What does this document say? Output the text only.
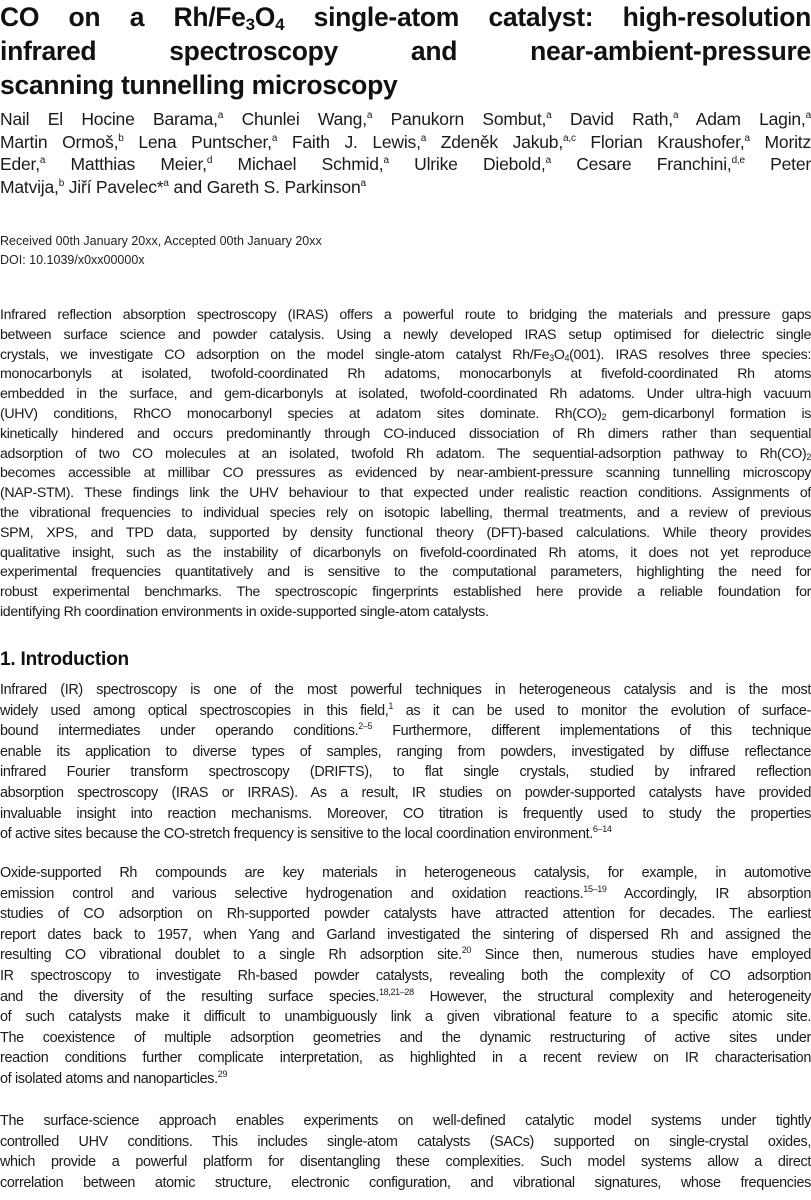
CO on a $Rh/Fe_3O_4$ single-atom catalyst: high-resolution
infrared spectroscopy and near-ambient-pressure
scanning tunnelling microscopy
Nail El Hocine Barama,$^a$ Chunlei Wang,$^a$ Panukorn Sombut,$^a$ David Rath,$^a$ Adam Lagin,$^a$
Martin Ormoš,$^b$ Lena Puntscher,$^a$ Faith J. Lewis,$^a$ Zdeněk Jakub,$^{a,c}$ Florian Kraushofer,$^a$ Moritz
Eder,$^a$ Matthias Meier,$^d$ Michael Schmid,$^a$ Ulrike Diebold,$^a$ Cesare Franchini,$^{d,e}$ Peter
Matvija,$^b$ Jiří Pavelec*$^a$ and Gareth S. Parkinson$^a$
Received 00th January 20xx, Accepted 00th January 20xx
DOI: 10.1039/x0xx00000x
Infrared reflection absorption spectroscopy (IRAS) offers a powerful route to bridging the materials and pressure gaps
between surface science and powder catalysis. Using a newly developed IRAS setup optimised for dielectric single
crystals, we investigate CO adsorption on the model single-atom catalyst $Rh/Fe_3O_4(001)$. IRAS resolves three species:
monocarbonyls at isolated, twofold-coordinated Rh adatoms, monocarbonyls at fivefold-coordinated Rh atoms
embedded in the surface, and gem-dicarbonyls at isolated, twofold-coordinated Rh adatoms. Under ultra-high vacuum
(UHV) conditions, RhCO monocarbonyl species at adatom sites dominate. $Rh(CO)_2$ gem-dicarbonyl formation is
kinetically hindered and occurs predominantly through CO-induced dissociation of Rh dimers rather than sequential
adsorption of two CO molecules at an isolated, twofold Rh adatom. The sequential-adsorption pathway to $Rh(CO)_2$
becomes accessible at millibar CO pressures as evidenced by near-ambient-pressure scanning tunnelling microscopy
(NAP-STM). These findings link the UHV behaviour to that expected under realistic reaction conditions. Assignments of
the vibrational frequencies to individual species rely on isotopic labelling, thermal treatments, and a review of previous
SPM, XPS, and TPD data, supported by density functional theory (DFT)-based calculations. While theory provides
qualitative insight, such as the instability of dicarbonyls on fivefold-coordinated Rh atoms, it does not yet reproduce
experimental frequencies quantitatively and is sensitive to the computational parameters, highlighting the need for
robust experimental benchmarks. The spectroscopic fingerprints established here provide a reliable foundation for
identifying Rh coordination environments in oxide-supported single-atom catalysts.
1. Introduction
Infrared (IR) spectroscopy is one of the most powerful techniques in heterogeneous catalysis and is the most
widely used among optical spectroscopies in this field,$^1$ as it can be used to monitor the evolution of surface-
bound intermediates under operando conditions.$^{2-5}$ Furthermore, different implementations of this technique
enable its application to diverse types of samples, ranging from powders, investigated by diffuse reflectance
infrared Fourier transform spectroscopy (DRIFTS), to flat single crystals, studied by infrared reflection
absorption spectroscopy (IRAS or IRRAS). As a result, IR studies on powder-supported catalysts have provided
invaluable insight into reaction mechanisms. Moreover, CO titration is frequently used to study the properties
of active sites because the CO-stretch frequency is sensitive to the local coordination environment.$^{6-14}$
Oxide-supported Rh compounds are key materials in heterogeneous catalysis, for example, in automotive
emission control and various selective hydrogenation and oxidation reactions.$^{15-19}$ Accordingly, IR absorption
studies of CO adsorption on Rh-supported powder catalysts have attracted attention for decades. The earliest
report dates back to 1957, when Yang and Garland investigated the sintering of dispersed Rh and assigned the
resulting CO vibrational doublet to a single Rh adsorption site.$^{20}$ Since then, numerous studies have employed
IR spectroscopy to investigate Rh-based powder catalysts, revealing both the complexity of CO adsorption
and the diversity of the resulting surface species.$^{18,21-28}$ However, the structural complexity and heterogeneity
of such catalysts make it difficult to unambiguously link a given vibrational feature to a specific atomic site.
The coexistence of multiple adsorption geometries and the dynamic restructuring of active sites under
reaction conditions further complicate interpretation, as highlighted in a recent review on IR characterisation
of isolated atoms and nanoparticles.$^{29}$
The surface-science approach enables experiments on well-defined catalytic model systems under tightly
controlled UHV conditions. This includes single-atom catalysts (SACs) supported on single-crystal oxides,
which provide a powerful platform for disentangling these complexities. Such model systems allow a direct
correlation between atomic structure, electronic configuration, and vibrational signatures, whose frequencies
